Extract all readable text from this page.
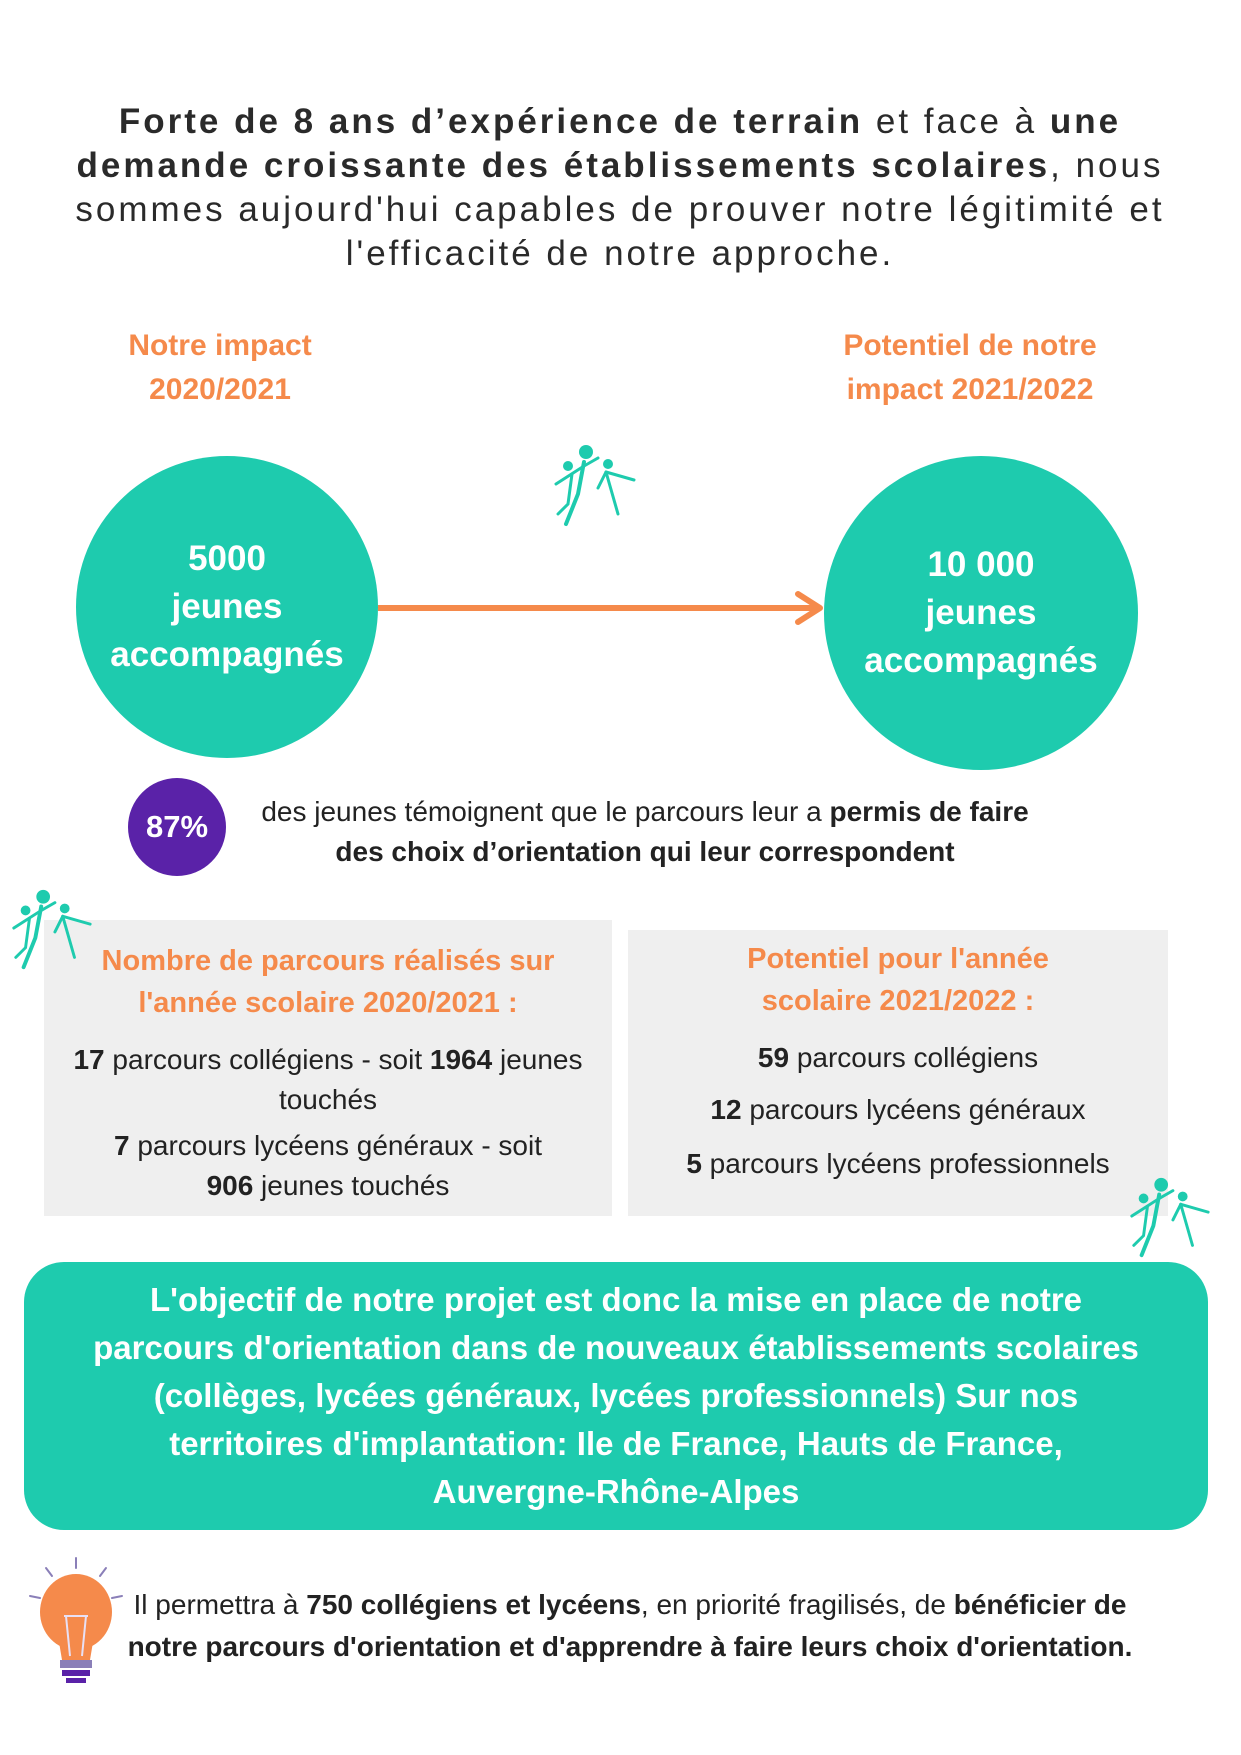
Forte de 8 ans d’expérience de terrain et face à une demande croissante des établissements scolaires, nous sommes aujourd'hui capables de prouver notre légitimité et l'efficacité de notre approche.
Notre impact
2020/2021
Potentiel de notre
impact 2021/2022
5000
jeunes
accompagnés
10 000
jeunes
accompagnés
87%	des jeunes témoignent que le parcours leur a permis de faire des choix d’orientation qui leur correspondent
Nombre de parcours réalisés sur
l'année scolaire 2020/2021 :
17 parcours collégiens - soit 1964 jeunes touchés
7 parcours lycéens généraux - soit 906 jeunes touchés
Potentiel pour l'année
scolaire 2021/2022 :
59 parcours collégiens
12 parcours lycéens généraux
5 parcours lycéens professionnels
L'objectif de notre projet est donc la mise en place de notre parcours d'orientation dans de nouveaux établissements scolaires (collèges, lycées généraux, lycées professionnels) Sur nos territoires d'implantation: Ile de France, Hauts de France, Auvergne-Rhône-Alpes
Il permettra à 750 collégiens et lycéens, en priorité fragilisés, de bénéficier de notre parcours d'orientation et d'apprendre à faire leurs choix d'orientation.
